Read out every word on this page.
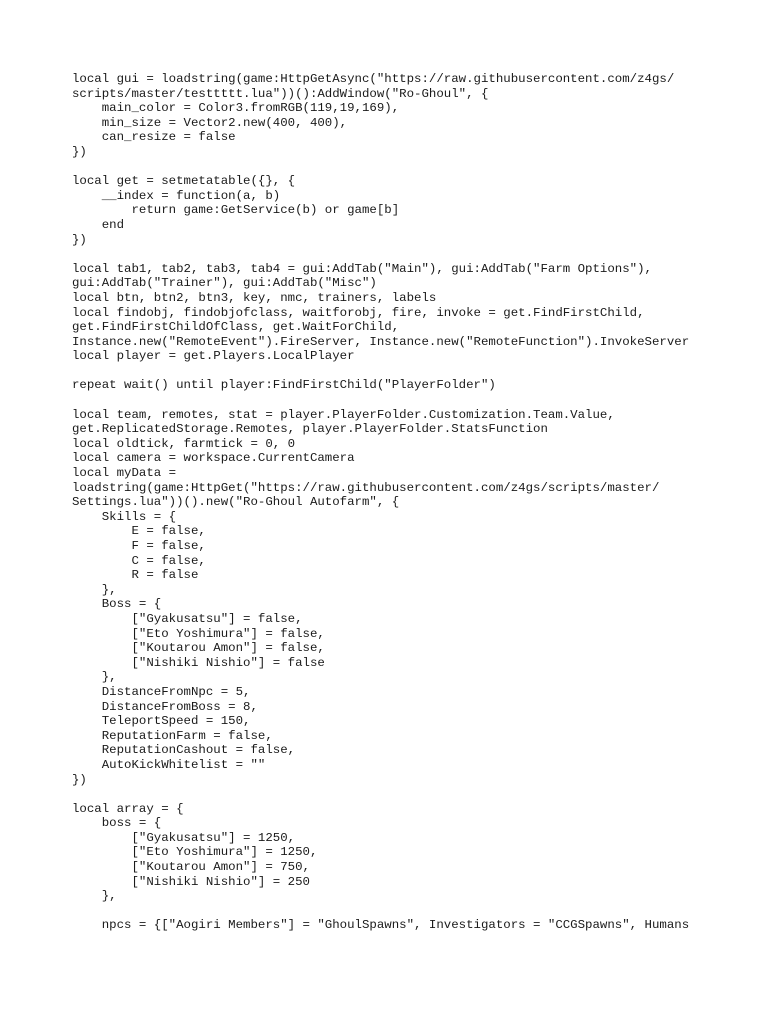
local gui = loadstring(game:HttpGetAsync("https://raw.githubusercontent.com/z4gs/
scripts/master/testtttt.lua"))():AddWindow("Ro-Ghoul", {
main_color = Color3.fromRGB(119,19,169),
min_size = Vector2.new(400, 400),
can_resize = false
})
local get = setmetatable({}, {
__index = function(a, b)
return game:GetService(b) or game[b]
end
})
local tab1, tab2, tab3, tab4 = gui:AddTab("Main"), gui:AddTab("Farm Options"),
gui:AddTab("Trainer"), gui:AddTab("Misc")
local btn, btn2, btn3, key, nmc, trainers, labels
local findobj, findobjofclass, waitforobj, fire, invoke = get.FindFirstChild,
get.FindFirstChildOfClass, get.WaitForChild,
Instance.new("RemoteEvent").FireServer, Instance.new("RemoteFunction").InvokeServer
local player = get.Players.LocalPlayer
repeat wait() until player:FindFirstChild("PlayerFolder")
local team, remotes, stat = player.PlayerFolder.Customization.Team.Value,
get.ReplicatedStorage.Remotes, player.PlayerFolder.StatsFunction
local oldtick, farmtick = 0, 0
local camera = workspace.CurrentCamera
local myData =
loadstring(game:HttpGet("https://raw.githubusercontent.com/z4gs/scripts/master/
Settings.lua"))().new("Ro-Ghoul Autofarm", {
Skills = {
E = false,
F = false,
C = false,
R = false
},
Boss = {
["Gyakusatsu"] = false,
["Eto Yoshimura"] = false,
["Koutarou Amon"] = false,
["Nishiki Nishio"] = false
},
DistanceFromNpc = 5,
DistanceFromBoss = 8,
TeleportSpeed = 150,
ReputationFarm = false,
ReputationCashout = false,
AutoKickWhitelist = ""
})
local array = {
boss = {
["Gyakusatsu"] = 1250,
["Eto Yoshimura"] = 1250,
["Koutarou Amon"] = 750,
["Nishiki Nishio"] = 250
},
npcs = {["Aogiri Members"] = "GhoulSpawns", Investigators = "CCGSpawns", Humans
